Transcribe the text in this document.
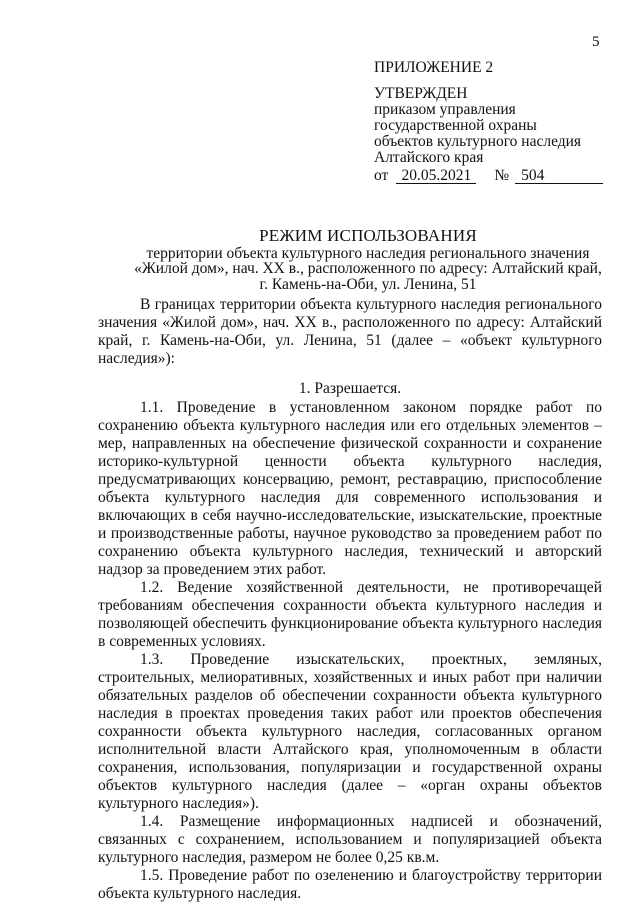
5
ПРИЛОЖЕНИЕ 2
УТВЕРЖДЕН
приказом управления
государственной охраны
объектов культурного наследия
Алтайского края
от 20.05.2021	№ 504
РЕЖИМ ИСПОЛЬЗОВАНИЯ
территории объекта культурного наследия регионального значения
«Жилой дом», нач. XX в., расположенного по адресу: Алтайский край,
г. Камень-на-Оби, ул. Ленина, 51

В границах территории объекта культурного наследия регионального значения «Жилой дом», нач. XX в., расположенного по адресу: Алтайский край, г. Камень-на-Оби, ул. Ленина, 51 (далее – «объект культурного наследия»):

1. Разрешается.

1.1. Проведение в установленном законом порядке работ по сохранению объекта культурного наследия или его отдельных элементов – мер, направленных на обеспечение физической сохранности и сохранение историко-культурной ценности объекта культурного наследия, предусматривающих консервацию, ремонт, реставрацию, приспособление объекта культурного наследия для современного использования и включающих в себя научно-исследовательские, изыскательские, проектные и производственные работы, научное руководство за проведением работ по сохранению объекта культурного наследия, технический и авторский надзор за проведением этих работ.

1.2. Ведение хозяйственной деятельности, не противоречащей требованиям обеспечения сохранности объекта культурного наследия и позволяющей обеспечить функционирование объекта культурного наследия в современных условиях.

1.3. Проведение изыскательских, проектных, земляных, строительных, мелиоративных, хозяйственных и иных работ при наличии обязательных разделов об обеспечении сохранности объекта культурного наследия в проектах проведения таких работ или проектов обеспечения сохранности объекта культурного наследия, согласованных органом исполнительной власти Алтайского края, уполномоченным в области сохранения, использования, популяризации и государственной охраны объектов культурного наследия (далее – «орган охраны объектов культурного наследия»).

1.4. Размещение информационных надписей и обозначений, связанных с сохранением, использованием и популяризацией объекта культурного наследия, размером не более 0,25 кв.м.

1.5. Проведение работ по озеленению и благоустройству территории объекта культурного наследия.
